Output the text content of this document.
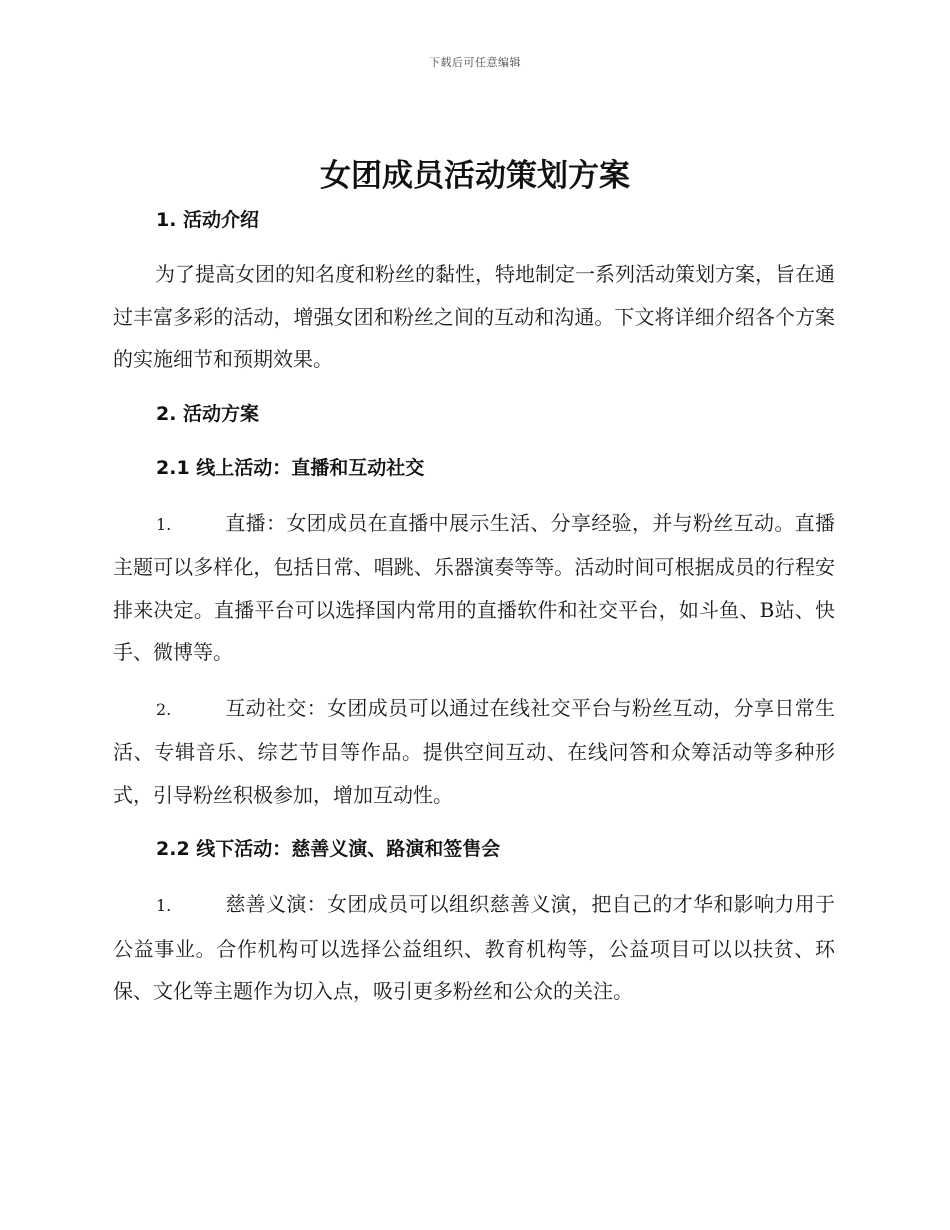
下载后可任意编辑
女团成员活动策划方案
1. 活动介绍

为了提高女团的知名度和粉丝的黏性，特地制定一系列活动策划方案，旨在通过丰富多彩的活动，增强女团和粉丝之间的互动和沟通。下文将详细介绍各个方案的实施细节和预期效果。

2. 活动方案
2.1 线上活动：直播和互动社交

1.	直播：女团成员在直播中展示生活、分享经验，并与粉丝互动。直播主题可以多样化，包括日常、唱跳、乐器演奏等等。活动时间可根据成员的行程安排来决定。直播平台可以选择国内常用的直播软件和社交平台，如斗鱼、B站、快手、微博等。

2.	互动社交：女团成员可以通过在线社交平台与粉丝互动，分享日常生活、专辑音乐、综艺节目等作品。提供空间互动、在线问答和众筹活动等多种形式，引导粉丝积极参加，增加互动性。

2.2 线下活动：慈善义演、路演和签售会

1.	慈善义演：女团成员可以组织慈善义演，把自己的才华和影响力用于公益事业。合作机构可以选择公益组织、教育机构等，公益项目可以以扶贫、环保、文化等主题作为切入点，吸引更多粉丝和公众的关注。
